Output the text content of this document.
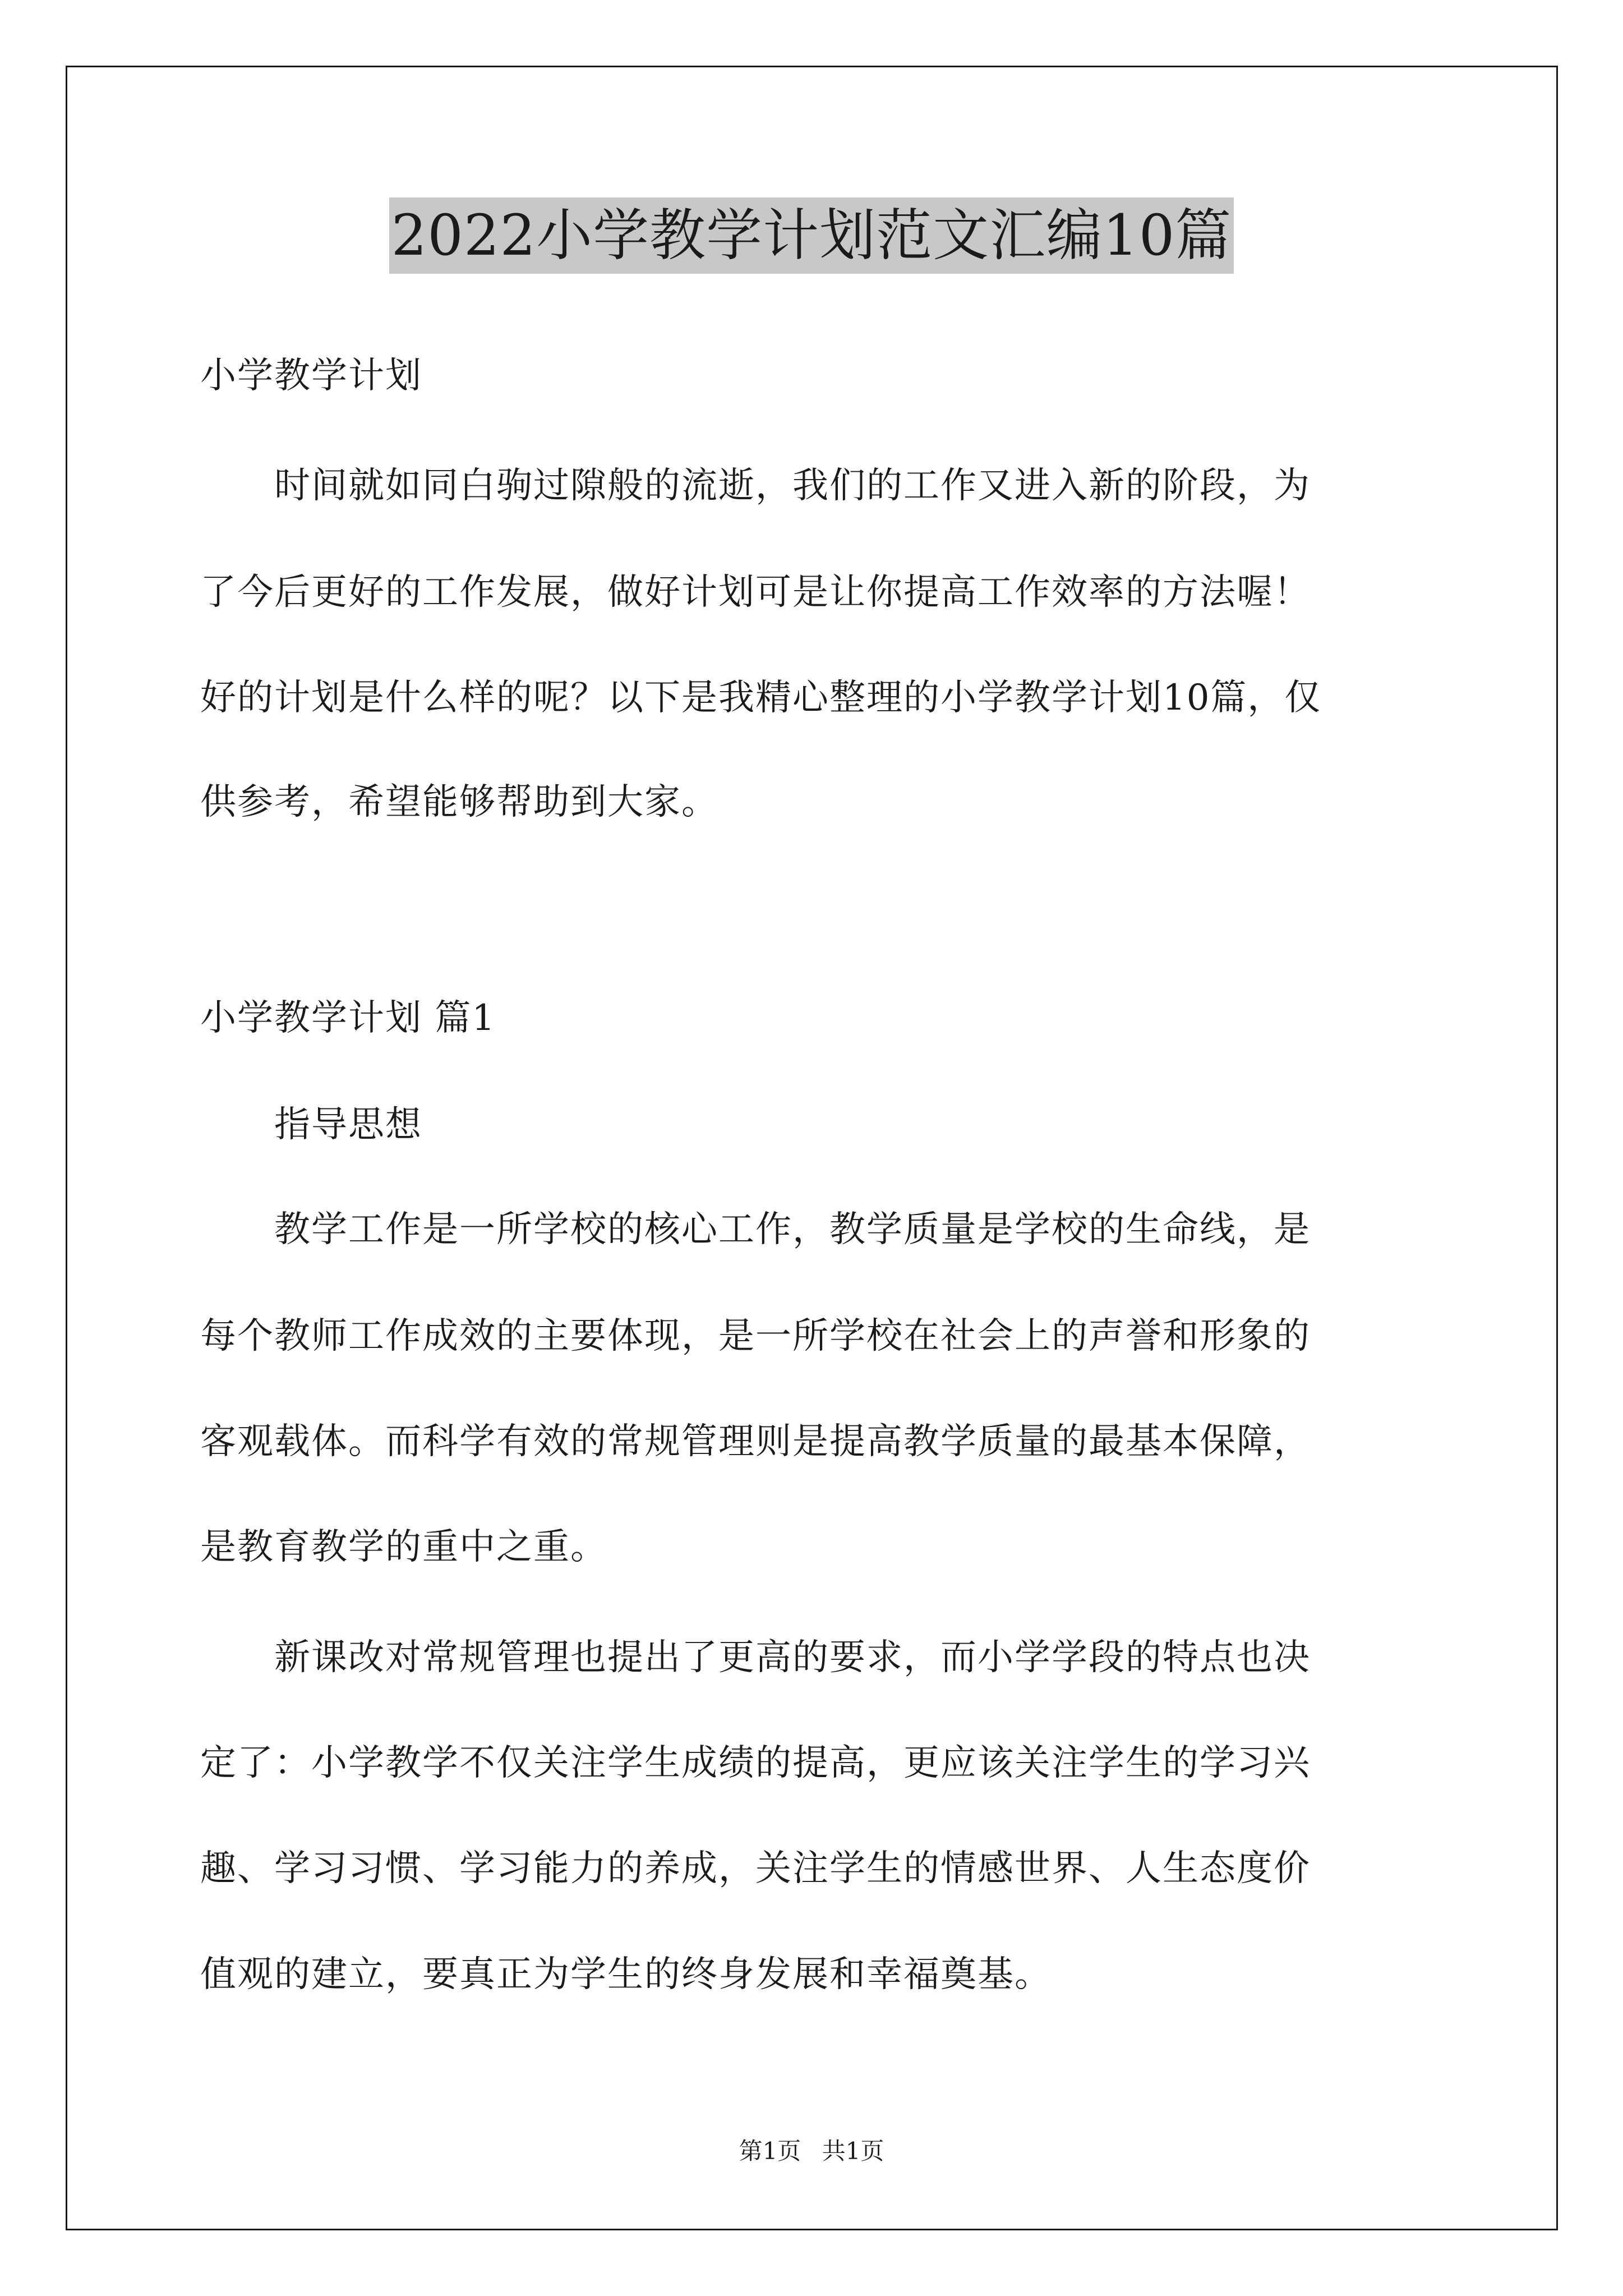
2022小学教学计划范文汇编10篇
小学教学计划
　　时间就如同白驹过隙般的流逝，我们的工作又进入新的阶段，为
了今后更好的工作发展，做好计划可是让你提高工作效率的方法喔！
好的计划是什么样的呢？以下是我精心整理的小学教学计划10篇，仅
供参考，希望能够帮助到大家。
小学教学计划 篇1
　　指导思想
　　教学工作是一所学校的核心工作，教学质量是学校的生命线，是
每个教师工作成效的主要体现，是一所学校在社会上的声誉和形象的
客观载体。而科学有效的常规管理则是提高教学质量的最基本保障，
是教育教学的重中之重。
　　新课改对常规管理也提出了更高的要求，而小学学段的特点也决
定了：小学教学不仅关注学生成绩的提高，更应该关注学生的学习兴
趣、学习习惯、学习能力的养成，关注学生的情感世界、人生态度价
值观的建立，要真正为学生的终身发展和幸福奠基。
第1页 共1页
